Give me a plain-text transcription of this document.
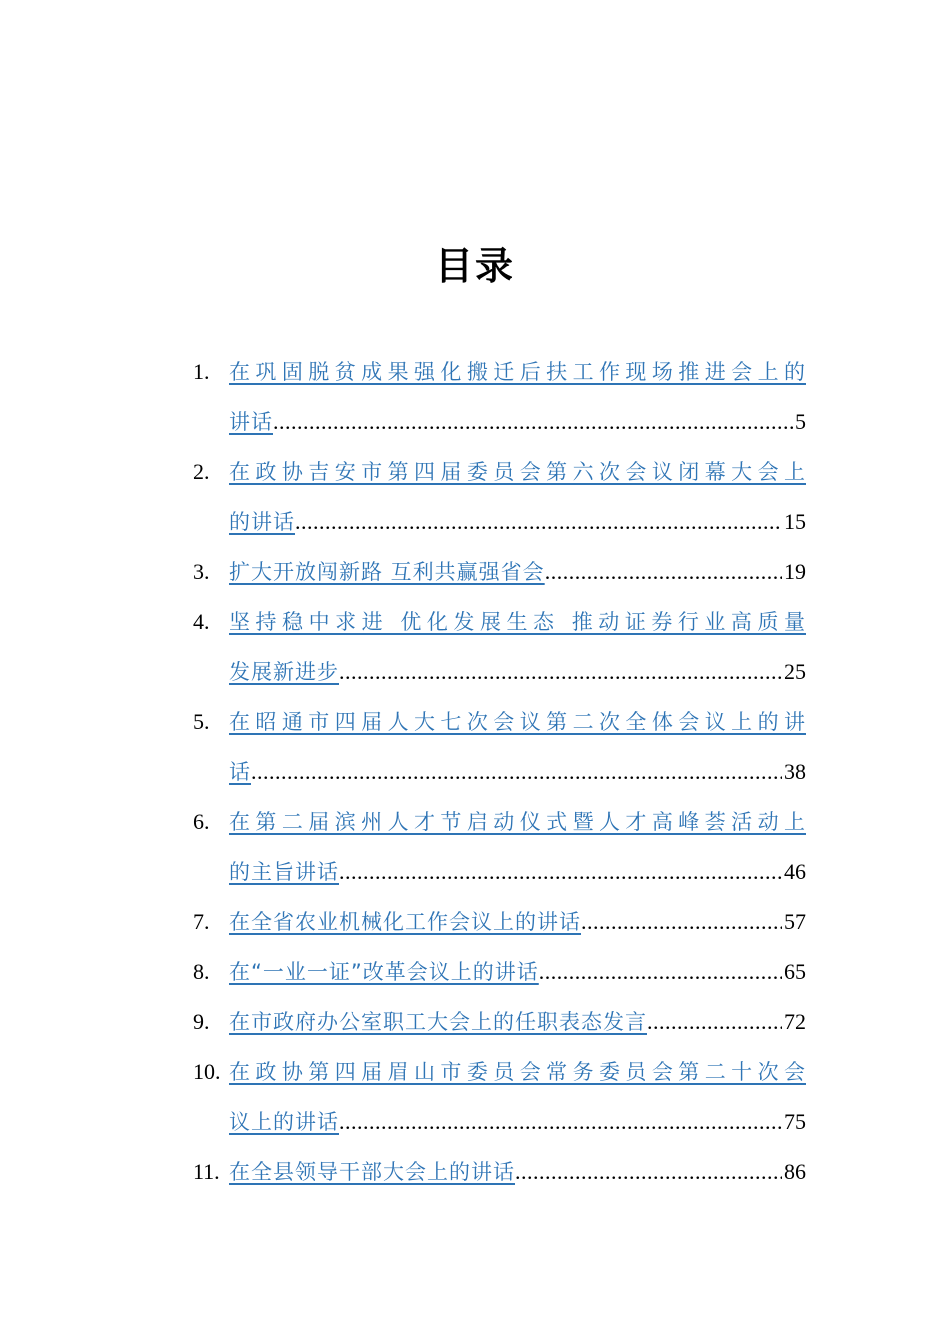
目录
1. 在巩固脱贫成果强化搬迁后扶工作现场推进会上的
讲话 .....	5
2. 在政协吉安市第四届委员会第六次会议闭幕大会上
的讲话 .....	15
3. 扩大开放闯新路 互利共赢强省会 .....	19
4. 坚持稳中求进 优化发展生态 推动证券行业高质量
发展新进步 .....	25
5. 在昭通市四届人大七次会议第二次全体会议上的讲
话 .....	38
6. 在第二届滨州人才节启动仪式暨人才高峰荟活动上
的主旨讲话 .....	46
7. 在全省农业机械化工作会议上的讲话 .....	57
8. 在“一业一证”改革会议上的讲话 .....	65
9. 在市政府办公室职工大会上的任职表态发言 .....	72
10. 在政协第四届眉山市委员会常务委员会第二十次会
议上的讲话 .....	75
11. 在全县领导干部大会上的讲话 .....	86
